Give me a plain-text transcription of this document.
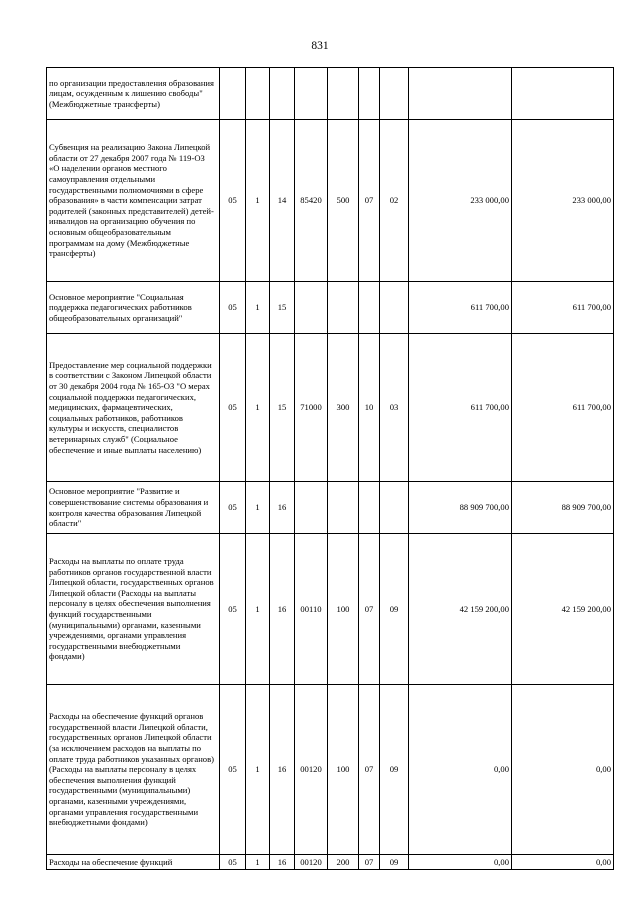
831
по организации предоставления образования лицам, осужденным к лишению свободы" (Межбюджетные трансферты)									
Субвенция на реализацию Закона Липецкой области от 27 декабря 2007 года № 119-ОЗ «О наделении органов местного самоуправления отдельными государственными полномочиями в сфере образования» в части компенсации затрат родителей (законных представителей) детей-инвалидов на организацию обучения по основным общеобразовательным программам на дому (Межбюджетные трансферты)	05	1	14	85420	500	07	02	233 000,00	233 000,00
Основное мероприятие "Социальная поддержка педагогических работников общеобразовательных организаций"	05	1	15					611 700,00	611 700,00
Предоставление мер социальной поддержки в соответствии с Законом Липецкой области от 30 декабря 2004 года № 165-ОЗ "О мерах социальной поддержки педагогических, медицинских, фармацевтических, социальных работников, работников культуры и искусств, специалистов ветеринарных служб" (Социальное обеспечение и иные выплаты населению)	05	1	15	71000	300	10	03	611 700,00	611 700,00
Основное мероприятие "Развитие и совершенствование системы образования и контроля качества образования Липецкой области"	05	1	16					88 909 700,00	88 909 700,00
Расходы на выплаты по оплате труда работников органов государственной власти Липецкой области, государственных органов Липецкой области (Расходы на выплаты персоналу в целях обеспечения выполнения функций государственными (муниципальными) органами, казенными учреждениями, органами управления государственными внебюджетными фондами)	05	1	16	00110	100	07	09	42 159 200,00	42 159 200,00
Расходы на обеспечение функций органов государственной власти Липецкой области, государственных органов Липецкой области (за исключением расходов на выплаты по оплате труда работников указанных органов) (Расходы на выплаты персоналу в целях обеспечения выполнения функций государственными (муниципальными) органами, казенными учреждениями, органами управления государственными внебюджетными фондами)	05	1	16	00120	100	07	09	0,00	0,00
Расходы на обеспечение функций	05	1	16	00120	200	07	09	0,00	0,00
